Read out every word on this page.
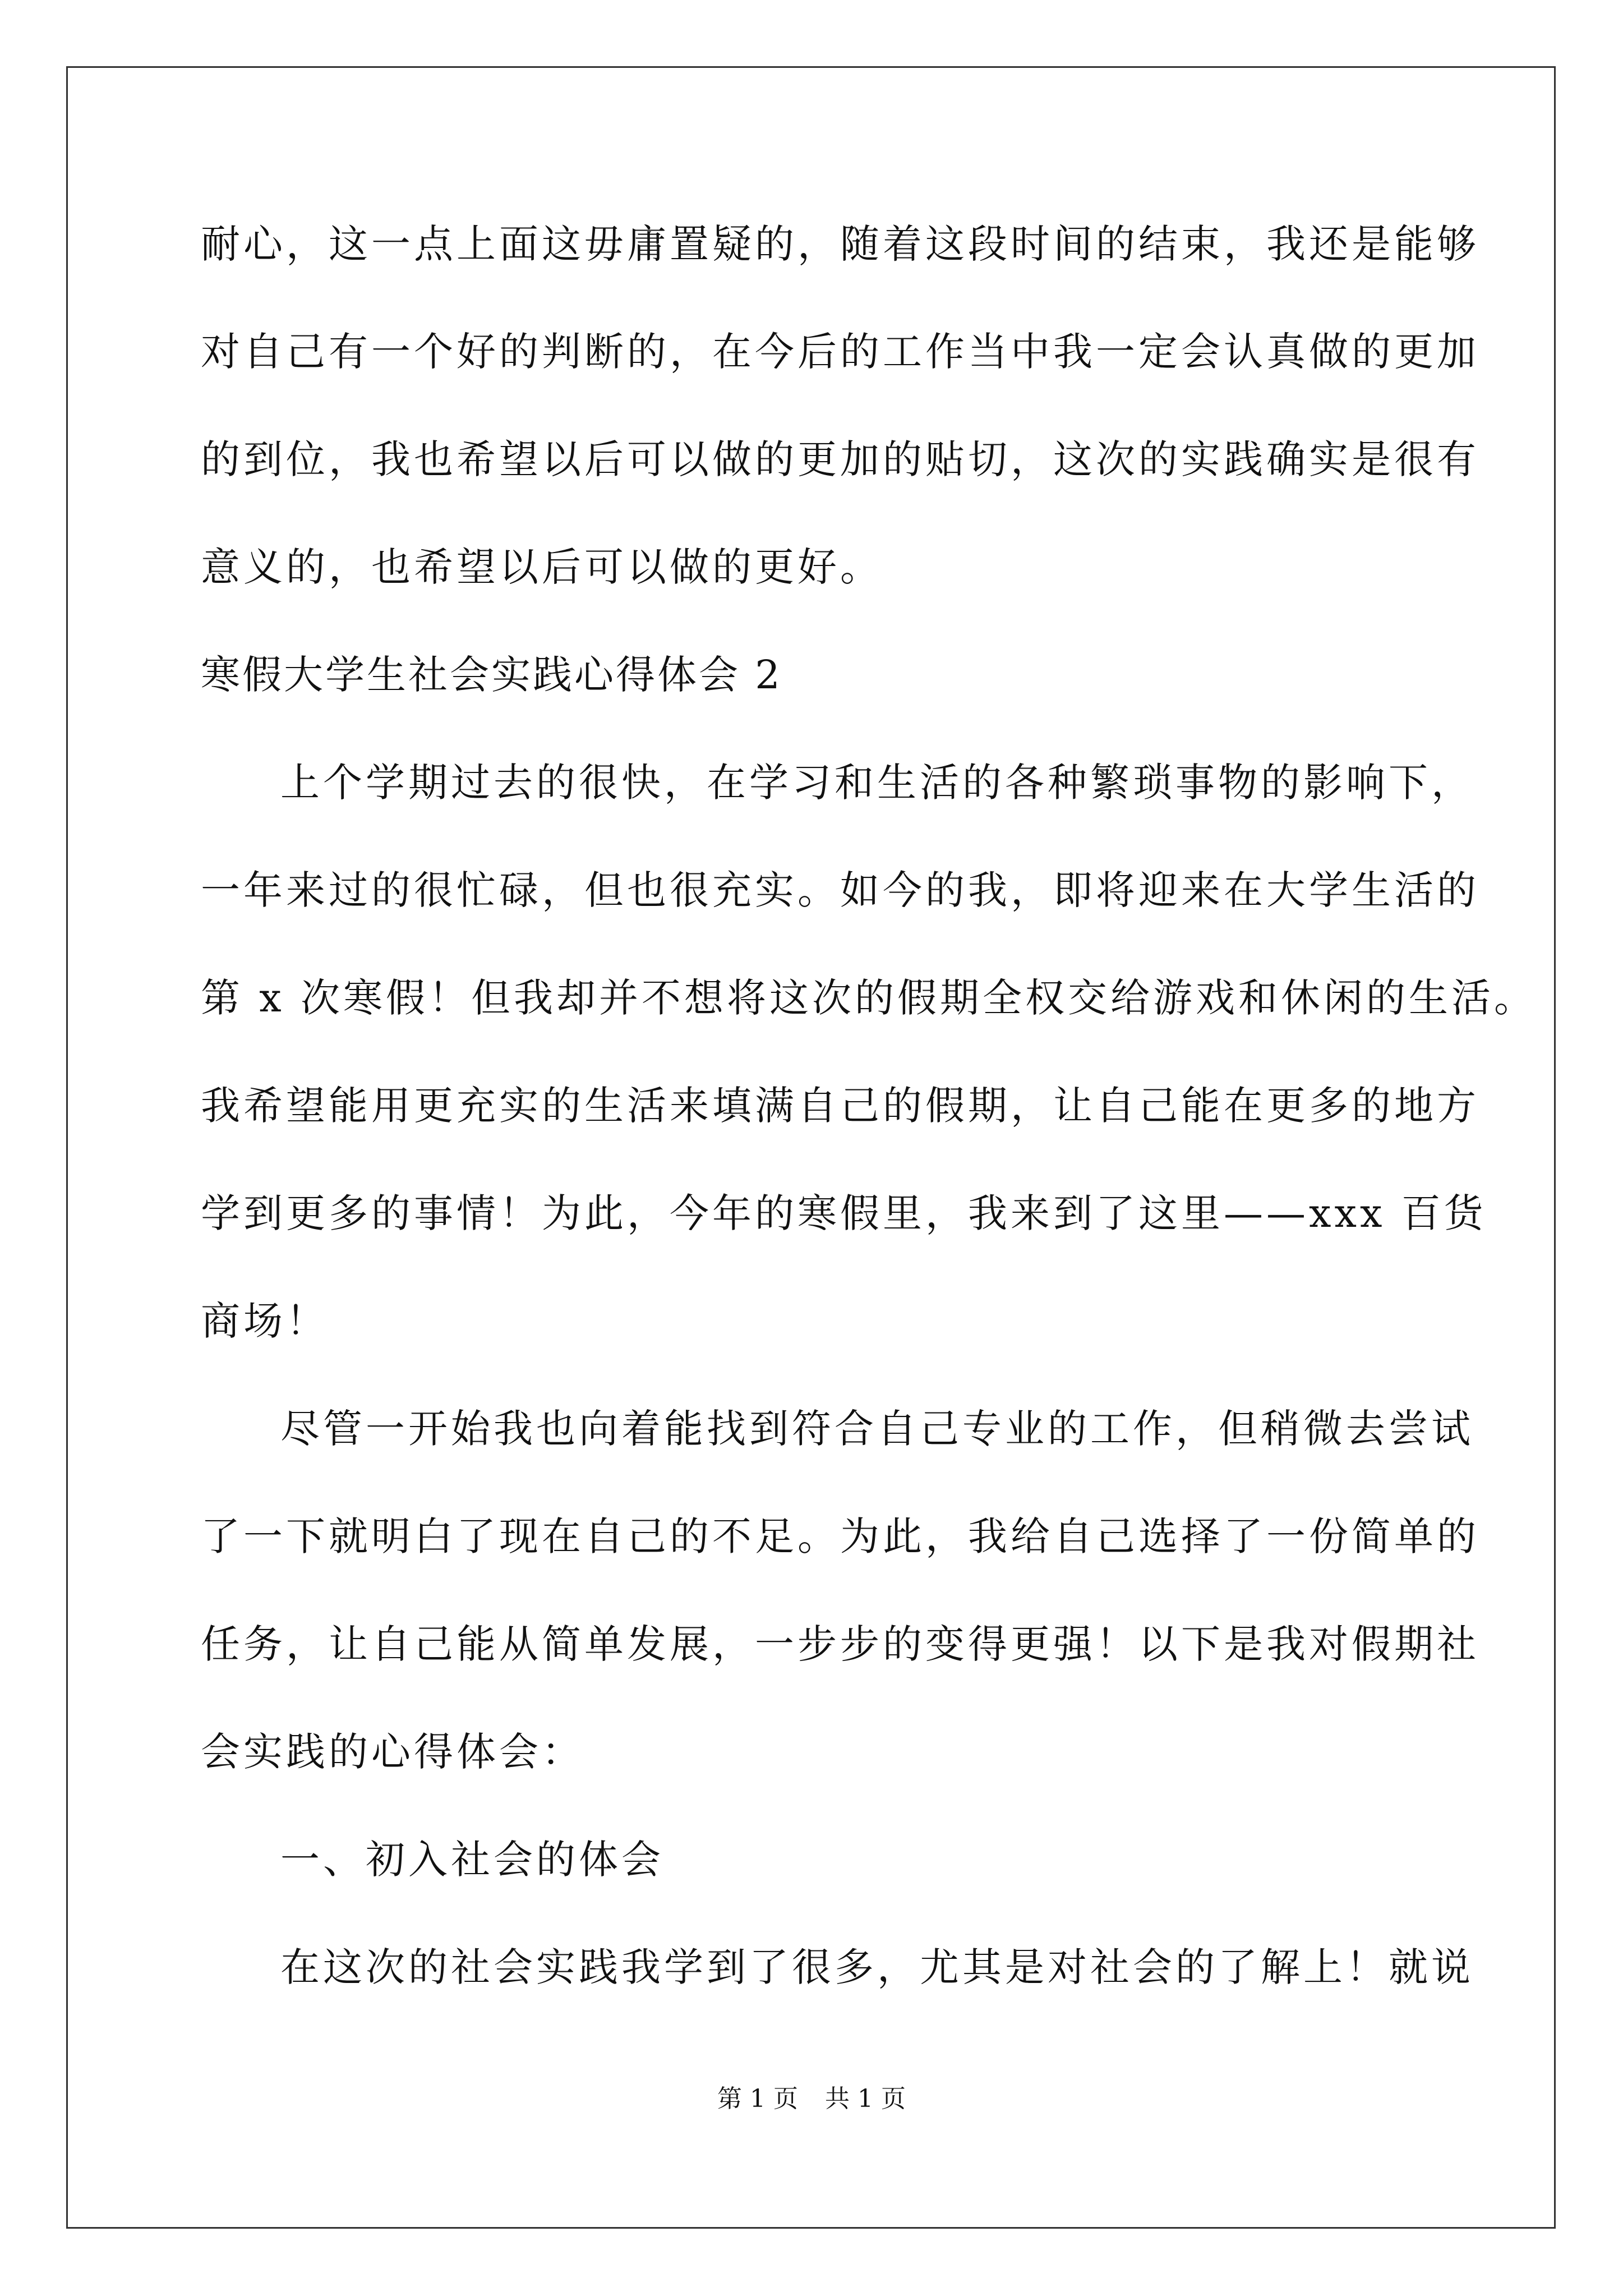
耐心，这一点上面这毋庸置疑的，随着这段时间的结束，我还是能够
对自己有一个好的判断的，在今后的工作当中我一定会认真做的更加
的到位，我也希望以后可以做的更加的贴切，这次的实践确实是很有
意义的，也希望以后可以做的更好。
寒假大学生社会实践心得体会 2
上个学期过去的很快，在学习和生活的各种繁琐事物的影响下，
一年来过的很忙碌，但也很充实。如今的我，即将迎来在大学生活的
第 x 次寒假！但我却并不想将这次的假期全权交给游戏和休闲的生活。
我希望能用更充实的生活来填满自己的假期，让自己能在更多的地方
学到更多的事情！为此，今年的寒假里，我来到了这里——xxx 百货
商场！
尽管一开始我也向着能找到符合自己专业的工作，但稍微去尝试
了一下就明白了现在自己的不足。为此，我给自己选择了一份简单的
任务，让自己能从简单发展，一步步的变得更强！以下是我对假期社
会实践的心得体会：
一、初入社会的体会
在这次的社会实践我学到了很多，尤其是对社会的了解上！就说
第 1 页 共 1 页
